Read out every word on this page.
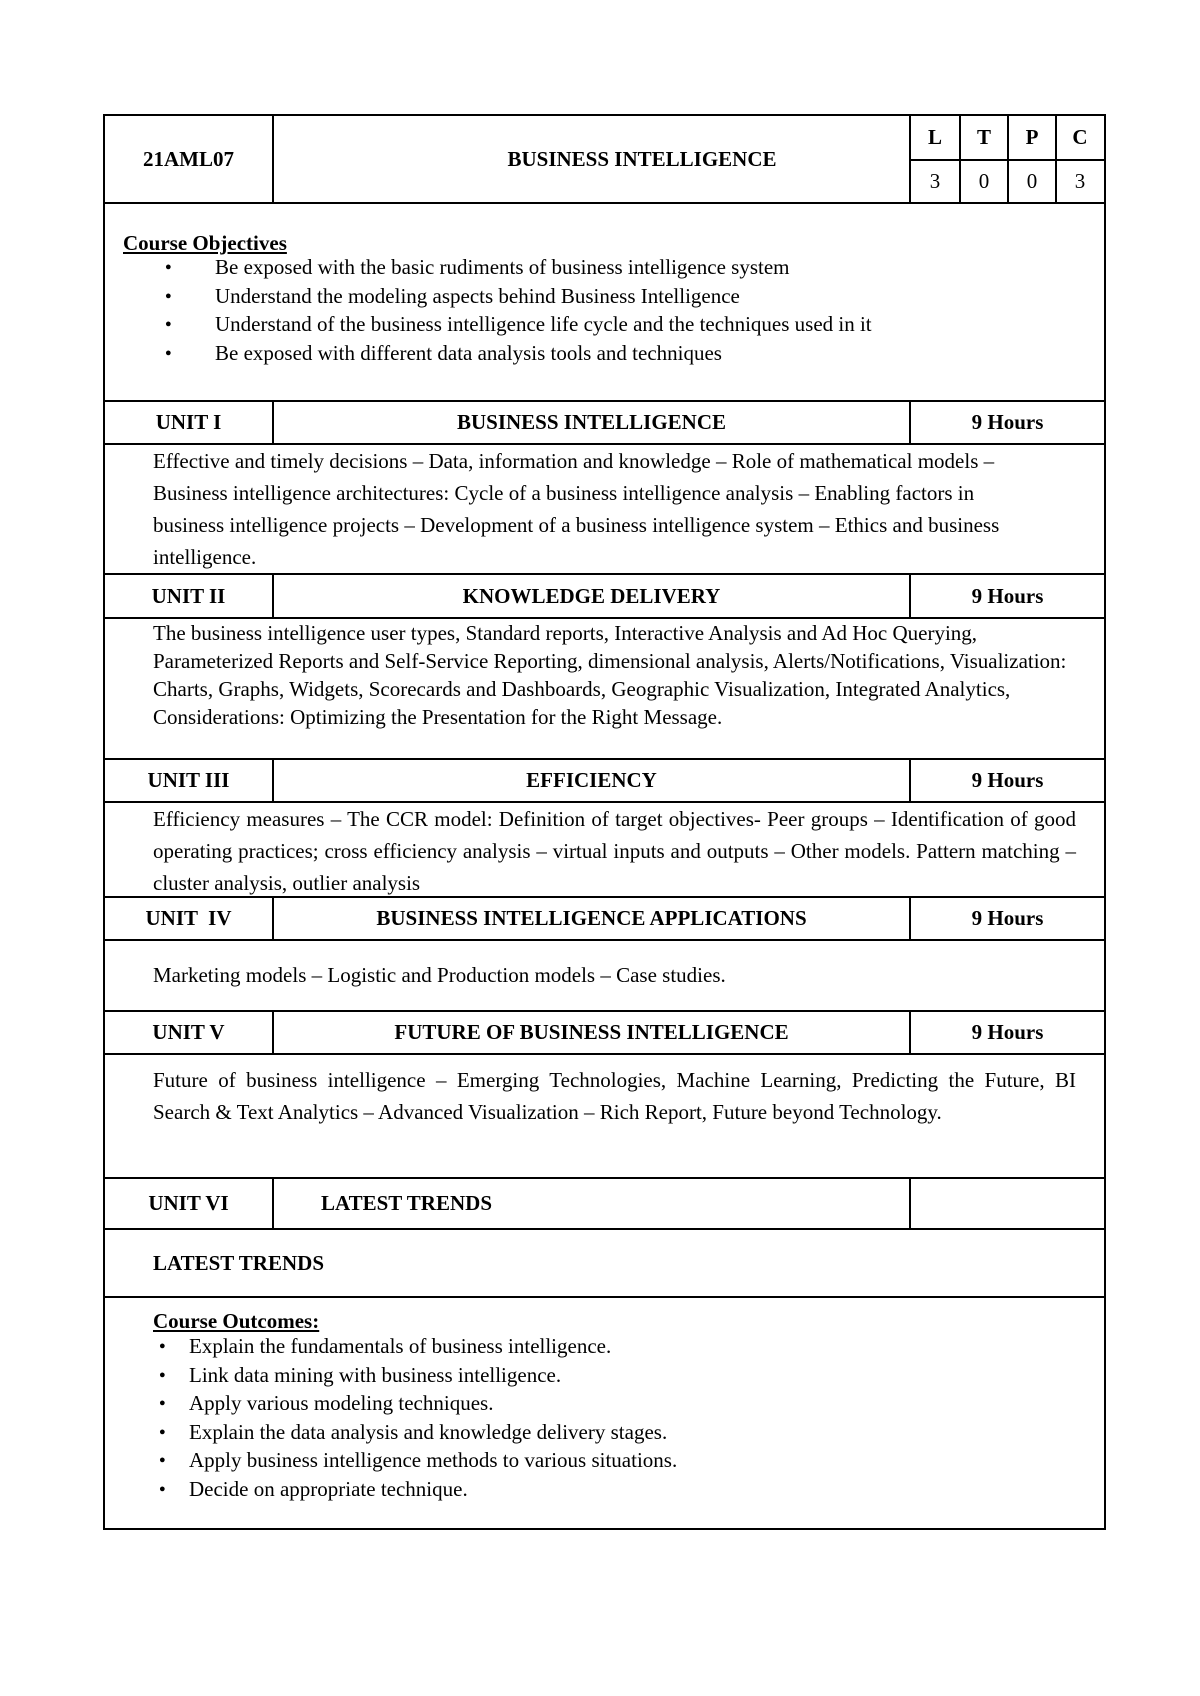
21AML07	BUSINESS INTELLIGENCE
L	T	P	C
3	0	0	3
Course Objectives
● Be exposed with the basic rudiments of business intelligence system
● Understand the modeling aspects behind Business Intelligence
● Understand of the business intelligence life cycle and the techniques used in it
● Be exposed with different data analysis tools and techniques
UNIT I	BUSINESS INTELLIGENCE	9 Hours
Effective and timely decisions – Data, information and knowledge – Role of mathematical models – Business intelligence architectures: Cycle of a business intelligence analysis – Enabling factors in business intelligence projects – Development of a business intelligence system – Ethics and business intelligence.
UNIT II	KNOWLEDGE DELIVERY	9 Hours
The business intelligence user types, Standard reports, Interactive Analysis and Ad Hoc Querying, Parameterized Reports and Self-Service Reporting, dimensional analysis, Alerts/Notifications, Visualization: Charts, Graphs, Widgets, Scorecards and Dashboards, Geographic Visualization, Integrated Analytics, Considerations: Optimizing the Presentation for the Right Message.
UNIT III	EFFICIENCY	9 Hours
Efficiency measures – The CCR model: Definition of target objectives- Peer groups – Identification of good operating practices; cross efficiency analysis – virtual inputs and outputs – Other models. Pattern matching – cluster analysis, outlier analysis
UNIT  IV	BUSINESS INTELLIGENCE APPLICATIONS	9 Hours
Marketing models – Logistic and Production models – Case studies.
UNIT V	FUTURE OF BUSINESS INTELLIGENCE	9 Hours
Future of business intelligence – Emerging Technologies, Machine Learning, Predicting the Future, BI Search & Text Analytics – Advanced Visualization – Rich Report, Future beyond Technology.
UNIT VI	LATEST TRENDS
LATEST TRENDS
Course Outcomes:
● Explain the fundamentals of business intelligence.
● Link data mining with business intelligence.
● Apply various modeling techniques.
● Explain the data analysis and knowledge delivery stages.
● Apply business intelligence methods to various situations.
● Decide on appropriate technique.
